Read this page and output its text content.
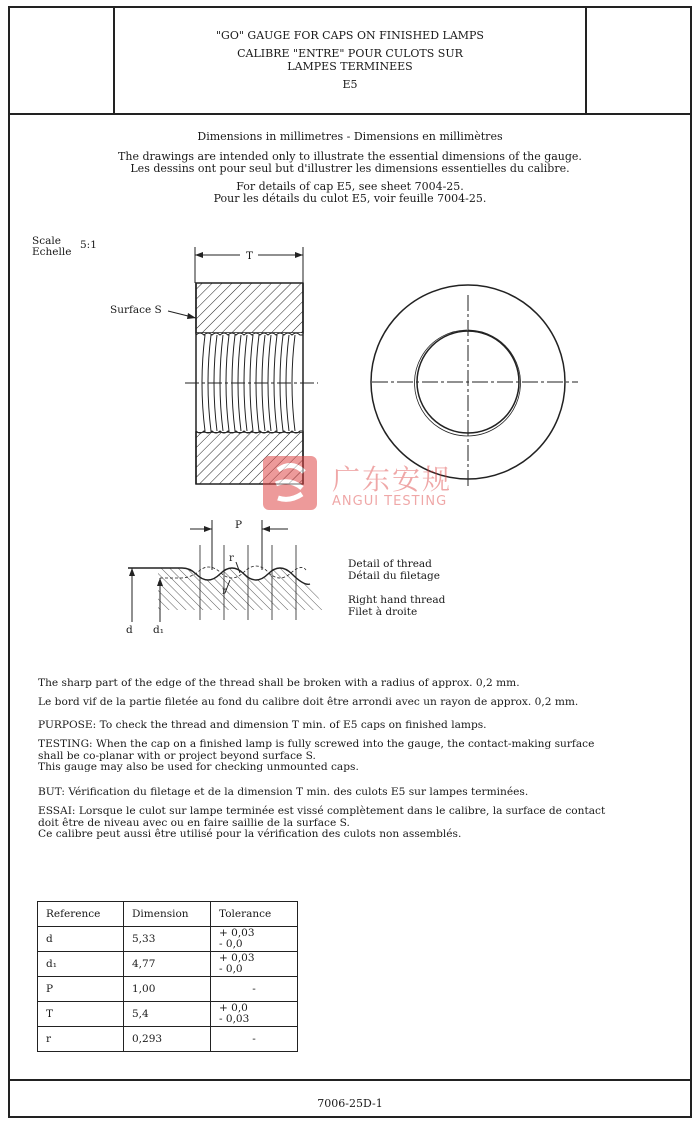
"GO" GAUGE FOR CAPS ON FINISHED LAMPS
CALIBRE "ENTRE" POUR CULOTS SUR
LAMPES TERMINEES
E5
Dimensions in millimetres - Dimensions en millimètres
The drawings are intended only to illustrate the essential dimensions of the gauge.
Les dessins ont pour seul but d'illustrer les dimensions essentielles du calibre.
For details of cap E5, see sheet 7004-25.
Pour les détails du culot E5, voir feuille 7004-25.
Scale
Echelle
5:1
T
Surface S
P
r
r
d d₁
Detail of thread
Détail du filetage
Right hand thread
Filet à droite
广东安规
ANGUI TESTING
The sharp part of the edge of the thread shall be broken with a radius of approx. 0,2 mm.
Le bord vif de la partie filetée au fond du calibre doit être arrondi avec un rayon de approx. 0,2 mm.
PURPOSE: To check the thread and dimension T min. of E5 caps on finished lamps.
TESTING: When the cap on a finished lamp is fully screwed into the gauge, the contact-making surface
shall be co-planar with or project beyond surface S.
This gauge may also be used for checking unmounted caps.
BUT: Vérification du filetage et de la dimension T min. des culots E5 sur lampes terminées.
ESSAI: Lorsque le culot sur lampe terminée est vissé complètement dans le calibre, la surface de contact
doit être de niveau avec ou en faire saillie de la surface S.
Ce calibre peut aussi être utilisé pour la vérification des culots non assemblés.
Reference	Dimension	Tolerance
d	5,33	+ 0,03
- 0,0

d₁	4,77	+ 0,03
- 0,0

P	1,00	-

T	5,4	+ 0,0
- 0,03

r	0,293	-
7006-25D-1
